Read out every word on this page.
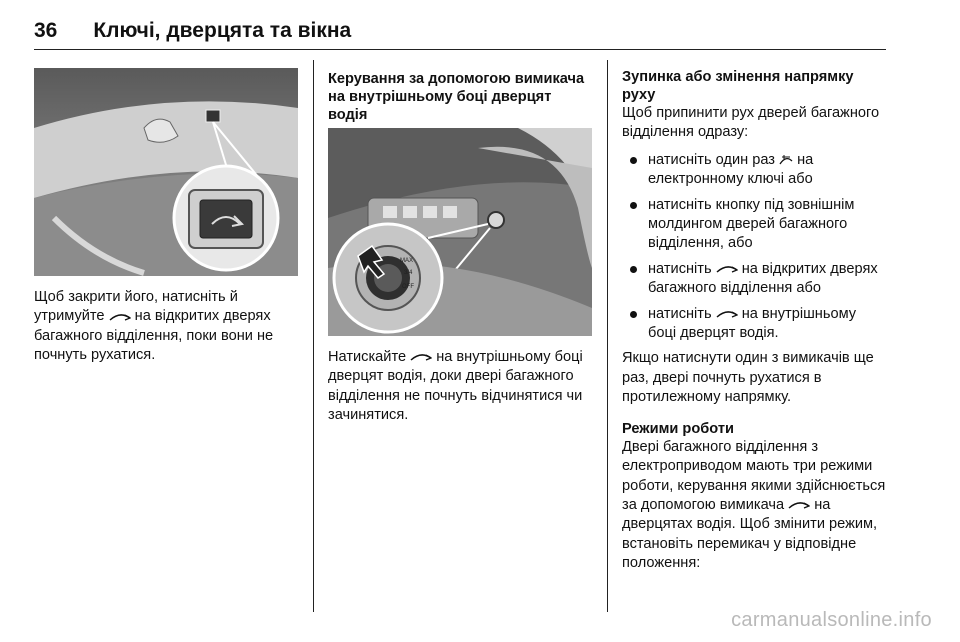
36 Ключі, дверцята та вікна

Щоб закрити його, натисніть й утримуйте на відкритих дверях багажного відділення, поки вони не почнуть рухатися.

Керування за допомогою вимикача на внутрішньому боці дверцят водія

MAX
3/4
OFF

Натискайте на внутрішньому боці дверцят водія, доки двері багажного відділення не почнуть відчинятися чи зачинятися.

Зупинка або змінення напрямку руху

Щоб припинити рух дверей багажного відділення одразу:

натисніть один раз на електронному ключі або
натисніть кнопку під зовнішнім молдингом дверей багажного відділення, або
натисніть на відкритих дверях багажного відділення або
натисніть на внутрішньому боці дверцят водія.

Якщо натиснути один з вимикачів ще раз, двері почнуть рухатися в протилежному напрямку.

Режими роботи

Двері багажного відділення з електроприводом мають три режими роботи, керування якими здійснюється за допомогою вимикача на дверцятах водія. Щоб змінити режим, встановіть перемикач у відповідне положення:

carmanualsonline.info
